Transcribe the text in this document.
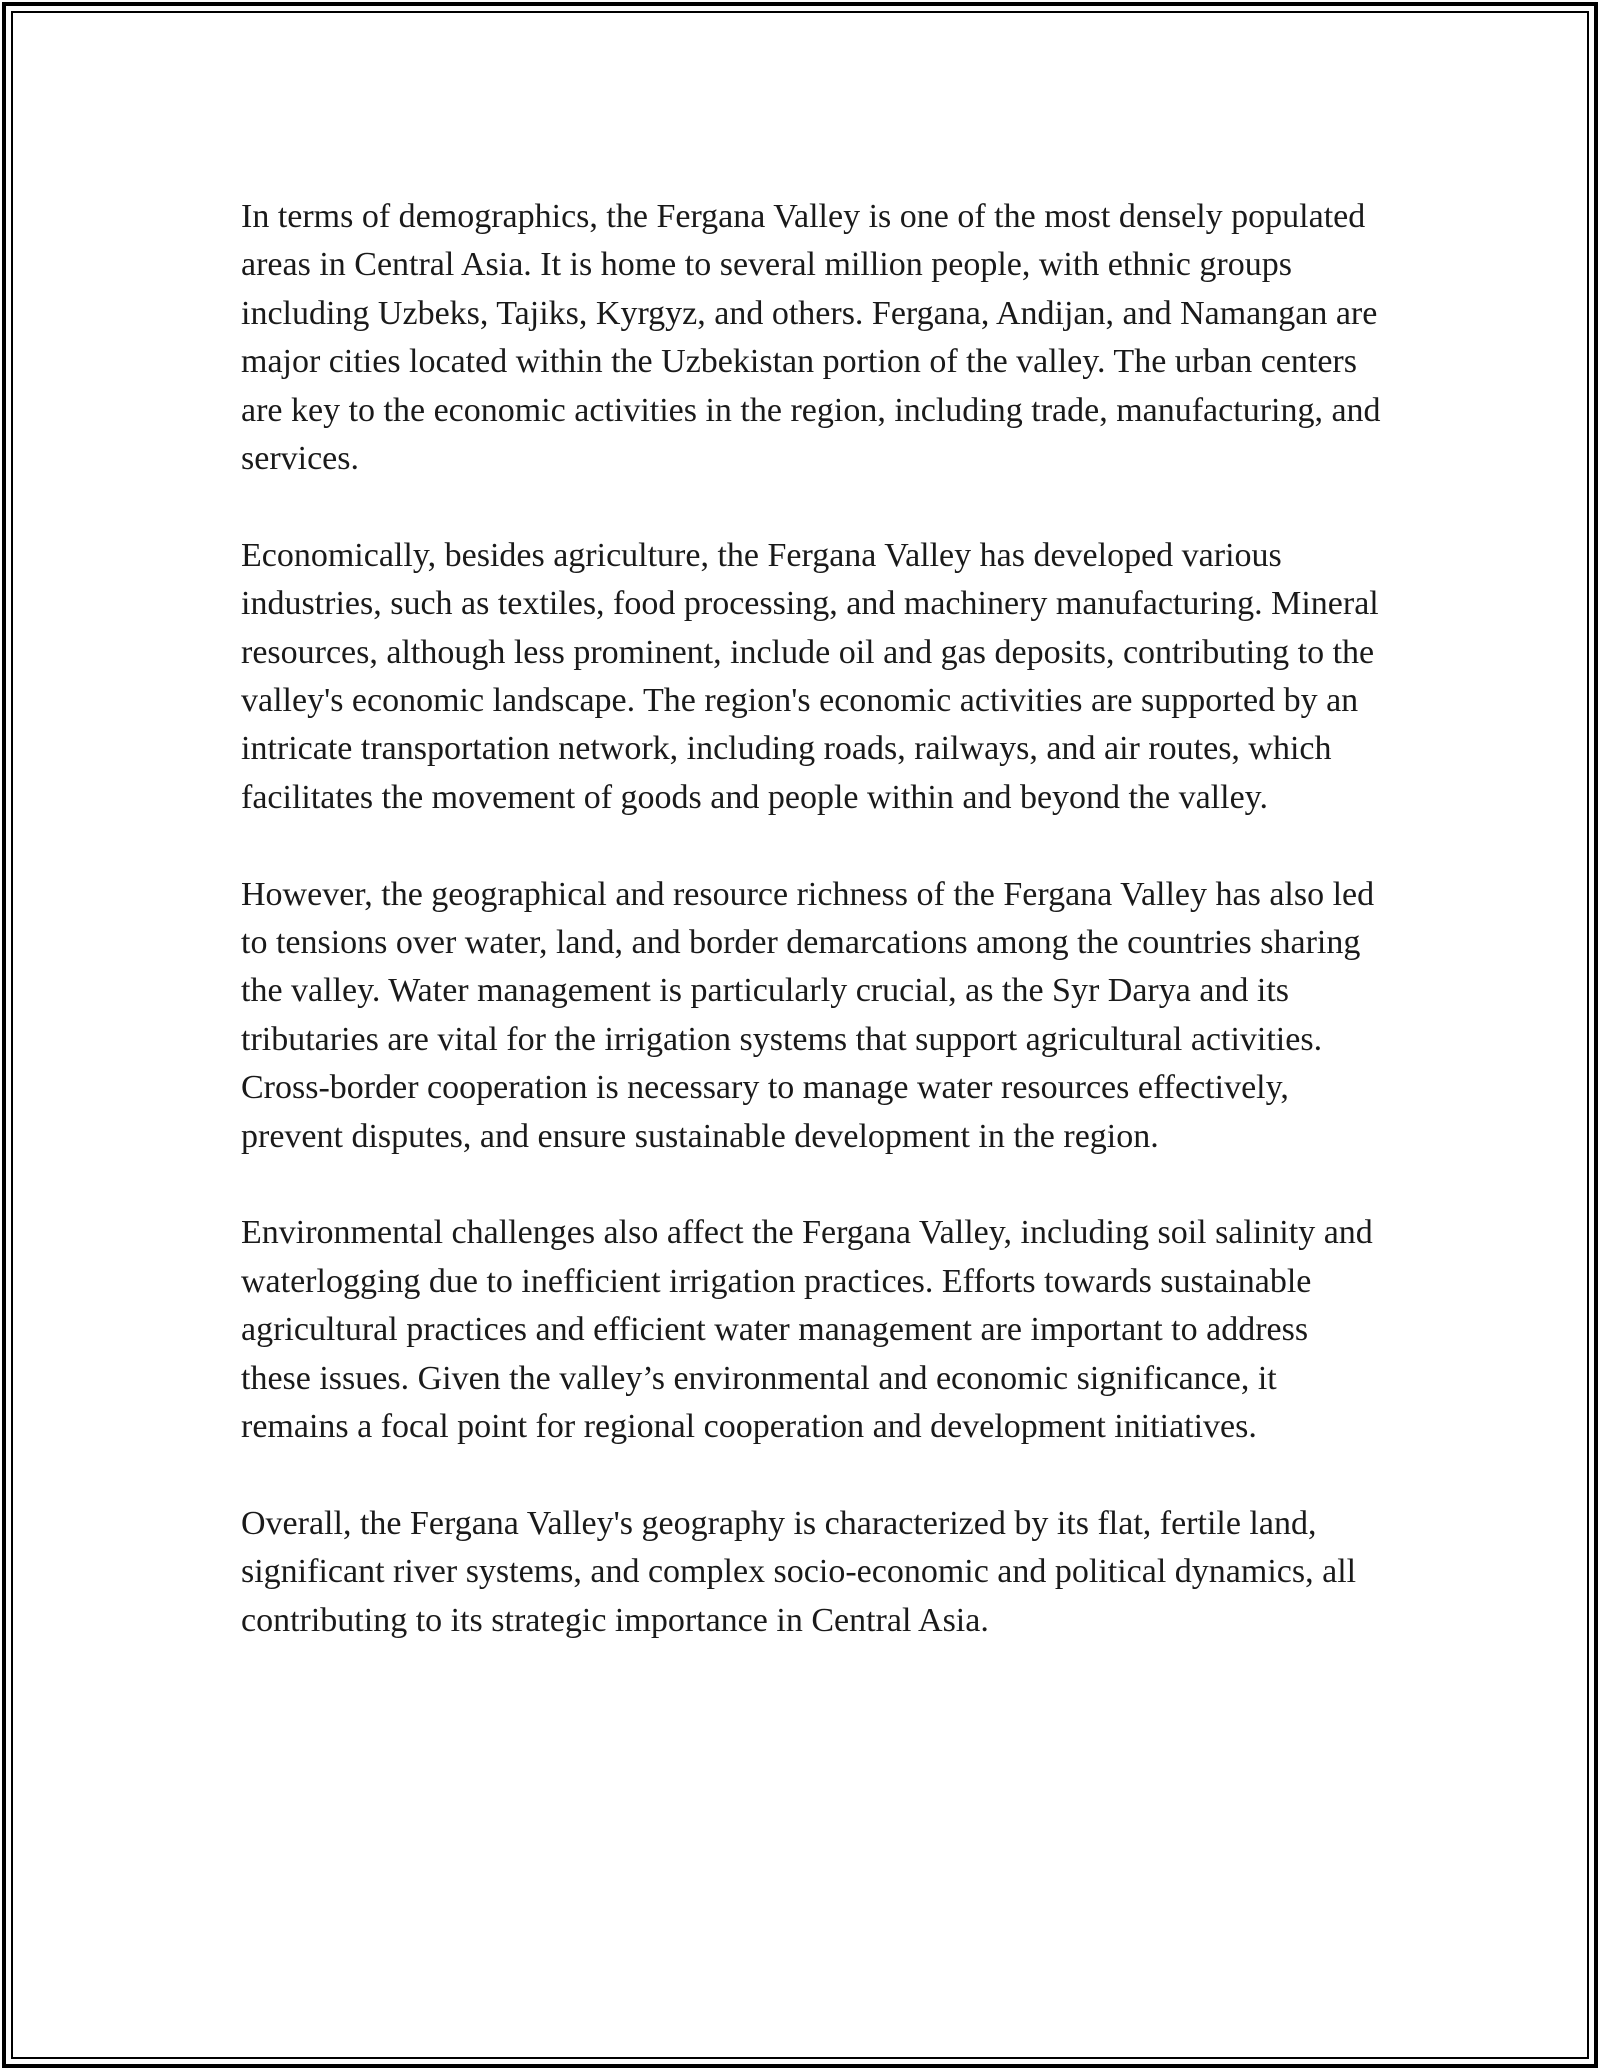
In terms of demographics, the Fergana Valley is one of the most densely populated areas in Central Asia. It is home to several million people, with ethnic groups including Uzbeks, Tajiks, Kyrgyz, and others. Fergana, Andijan, and Namangan are major cities located within the Uzbekistan portion of the valley. The urban centers are key to the economic activities in the region, including trade, manufacturing, and services.

Economically, besides agriculture, the Fergana Valley has developed various industries, such as textiles, food processing, and machinery manufacturing. Mineral resources, although less prominent, include oil and gas deposits, contributing to the valley's economic landscape. The region's economic activities are supported by an intricate transportation network, including roads, railways, and air routes, which facilitates the movement of goods and people within and beyond the valley.

However, the geographical and resource richness of the Fergana Valley has also led to tensions over water, land, and border demarcations among the countries sharing the valley. Water management is particularly crucial, as the Syr Darya and its tributaries are vital for the irrigation systems that support agricultural activities. Cross-border cooperation is necessary to manage water resources effectively, prevent disputes, and ensure sustainable development in the region.

Environmental challenges also affect the Fergana Valley, including soil salinity and waterlogging due to inefficient irrigation practices. Efforts towards sustainable agricultural practices and efficient water management are important to address these issues. Given the valley’s environmental and economic significance, it remains a focal point for regional cooperation and development initiatives.

Overall, the Fergana Valley's geography is characterized by its flat, fertile land, significant river systems, and complex socio-economic and political dynamics, all contributing to its strategic importance in Central Asia.
